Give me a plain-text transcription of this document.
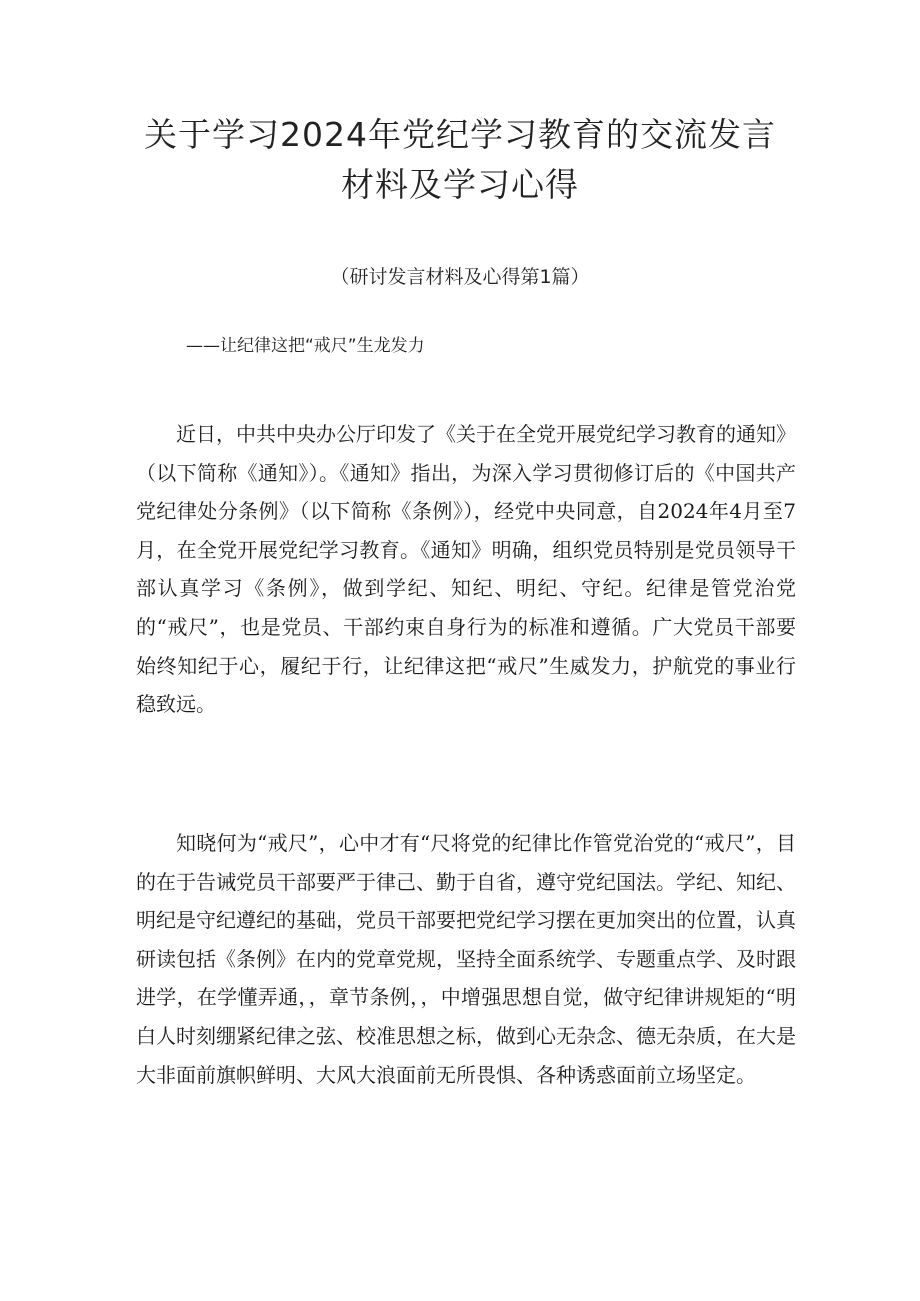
关于学习2024年党纪学习教育的交流发言
材料及学习心得
（研讨发言材料及心得第1篇）
——让纪律这把“戒尺”生龙发力

近日，中共中央办公厅印发了《关于在全党开展党纪学习教育的通知》（以下简称《通知》）。《通知》指出，为深入学习贯彻修订后的《中国共产党纪律处分条例》（以下简称《条例》），经党中央同意，自2024年4月至7月，在全党开展党纪学习教育。《通知》明确，组织党员特别是党员领导干部认真学习《条例》，做到学纪、知纪、明纪、守纪。纪律是管党治党的“戒尺”，也是党员、干部约束自身行为的标准和遵循。广大党员干部要始终知纪于心，履纪于行，让纪律这把“戒尺”生威发力，护航党的事业行稳致远。

知晓何为“戒尺”，心中才有“尺将党的纪律比作管党治党的“戒尺”，目的在于告诫党员干部要严于律己、勤于自省，遵守党纪国法。学纪、知纪、明纪是守纪遵纪的基础，党员干部要把党纪学习摆在更加突出的位置，认真研读包括《条例》在内的党章党规，坚持全面系统学、专题重点学、及时跟进学，在学懂弄通，，章节条例，，中增强思想自觉，做守纪律讲规矩的“明白人时刻绷紧纪律之弦、校准思想之标，做到心无杂念、德无杂质，在大是大非面前旗帜鲜明、大风大浪面前无所畏惧、各种诱惑面前立场坚定。
